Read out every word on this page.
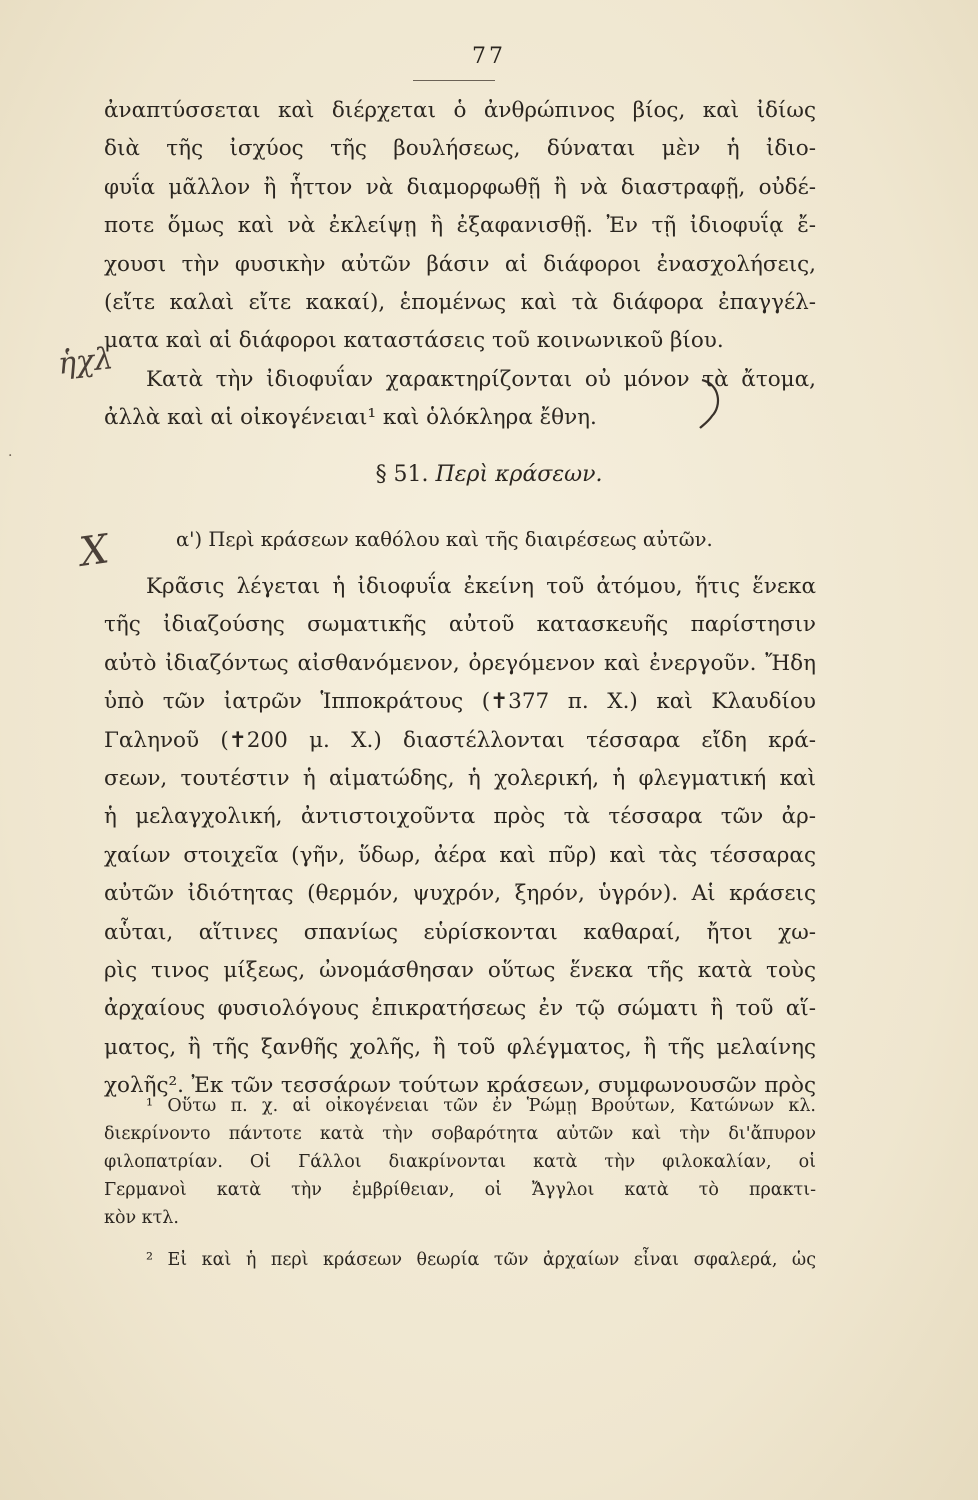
77
·
ἡχλ
ἀναπτύσσεται καὶ διέρχεται ὁ ἀνθρώπινος βίος, καὶ ἰδίως
διὰ τῆς ἰσχύος τῆς βουλήσεως, δύναται μὲν ἡ ἰδιο-
φυΐα μᾶλλον ἢ ἧττον νὰ διαμορφωθῇ ἢ νὰ διαστραφῇ, οὐδέ-
ποτε ὅμως καὶ νὰ ἐκλείψῃ ἢ ἐξαφανισθῇ. Ἐν τῇ ἰδιοφυΐᾳ ἔ-
χουσι τὴν φυσικὴν αὐτῶν βάσιν αἱ διάφοροι ἐνασχολήσεις,
(εἴτε καλαὶ εἴτε κακαί), ἑπομένως καὶ τὰ διάφορα ἐπαγγέλ-
ματα καὶ αἱ διάφοροι καταστάσεις τοῦ κοινωνικοῦ βίου.
Κατὰ τὴν ἰδιοφυΐαν χαρακτηρίζονται οὐ μόνον τὰ ἄτομα,
ἀλλὰ καὶ αἱ οἰκογένειαι¹ καὶ ὁλόκληρα ἔθνη.
§ 51. Περὶ κράσεων.
X	α') Περὶ κράσεων καθόλου καὶ τῆς διαιρέσεως αὐτῶν.
Κρᾶσις λέγεται ἡ ἰδιοφυΐα ἐκείνη τοῦ ἀτόμου, ἥτις ἕνεκα
τῆς ἰδιαζούσης σωματικῆς αὐτοῦ κατασκευῆς παρίστησιν
αὐτὸ ἰδιαζόντως αἰσθανόμενον, ὀρεγόμενον καὶ ἐνεργοῦν. Ἤδη
ὑπὸ τῶν ἰατρῶν Ἱπποκράτους (✝377 π. Χ.) καὶ Κλαυδίου
Γαληνοῦ (✝200 μ. Χ.) διαστέλλονται τέσσαρα εἴδη κρά-
σεων, τουτέστιν ἡ αἱματώδης, ἡ χολερική, ἡ φλεγματική καὶ
ἡ μελαγχολική, ἀντιστοιχοῦντα πρὸς τὰ τέσσαρα τῶν ἀρ-
χαίων στοιχεῖα (γῆν, ὕδωρ, ἀέρα καὶ πῦρ) καὶ τὰς τέσσαρας
αὐτῶν ἰδιότητας (θερμόν, ψυχρόν, ξηρόν, ὑγρόν). Αἱ κράσεις
αὗται, αἵτινες σπανίως εὑρίσκονται καθαραί, ἤτοι χω-
ρὶς τινος μίξεως, ὠνομάσθησαν οὕτως ἕνεκα τῆς κατὰ τοὺς
ἀρχαίους φυσιολόγους ἐπικρατήσεως ἐν τῷ σώματι ἢ τοῦ αἵ-
ματος, ἢ τῆς ξανθῆς χολῆς, ἢ τοῦ φλέγματος, ἢ τῆς μελαίνης
χολῆς². Ἐκ τῶν τεσσάρων τούτων κράσεων, συμφωνουσῶν πρὸς
¹ Οὕτω π. χ. αἱ οἰκογένειαι τῶν ἐν Ῥώμῃ Βρούτων, Κατώνων κλ.
διεκρίνοντο πάντοτε κατὰ τὴν σοβαρότητα αὐτῶν καὶ τὴν δι'ἄπυρον
φιλοπατρίαν. Οἱ Γάλλοι διακρίνονται κατὰ τὴν φιλοκαλίαν, οἱ
Γερμανοὶ κατὰ τὴν ἐμβρίθειαν, οἱ Ἄγγλοι κατὰ τὸ πρακτι-
κὸν κτλ.
² Εἰ καὶ ἡ περὶ κράσεων θεωρία τῶν ἀρχαίων εἶναι σφαλερά, ὡς
